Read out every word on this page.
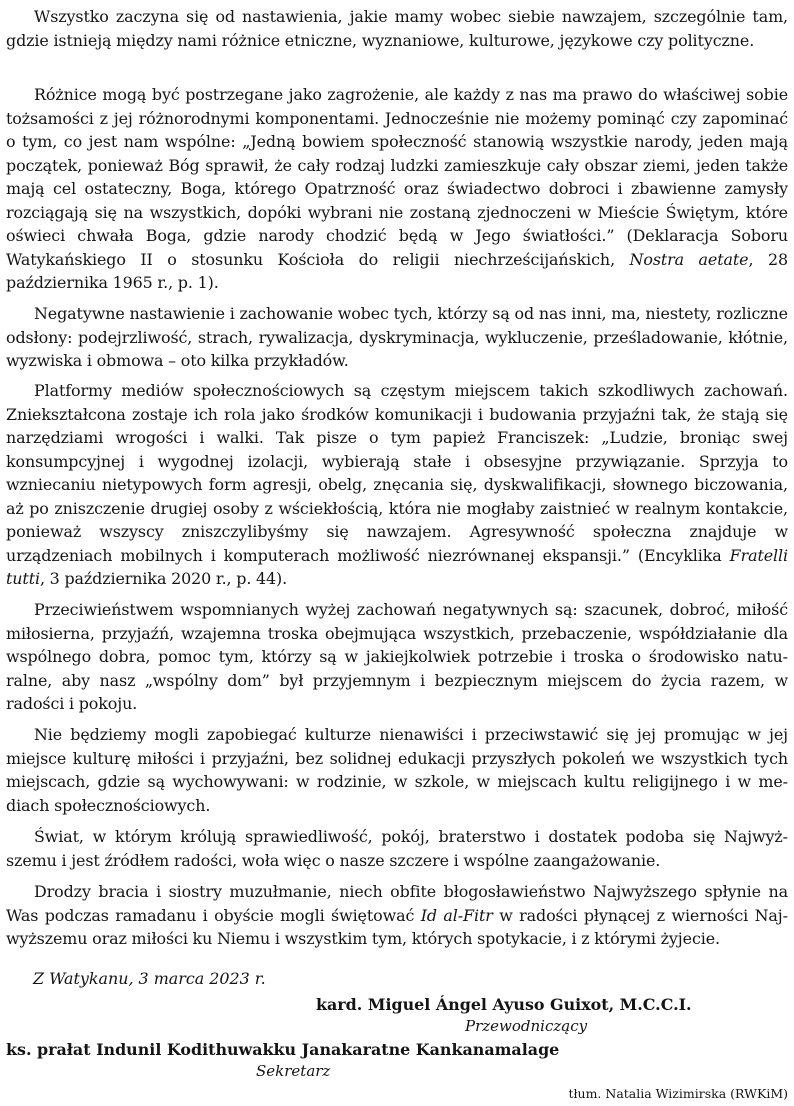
Wszystko zaczyna się od nastawienia, jakie mamy wobec siebie nawzajem, szczególnie tam, gdzie istnieją między nami różnice etniczne, wyznaniowe, kulturowe, językowe czy polityczne.

Różnice mogą być postrzegane jako zagrożenie, ale każdy z nas ma prawo do właściwej sobie tożsamości z jej różnorodnymi komponentami. Jednocześnie nie możemy pominąć czy zapominać o tym, co jest nam wspólne: „Jedną bowiem społeczność stanowią wszystkie narody, jeden mają początek, ponieważ Bóg sprawił, że cały rodzaj ludzki zamieszkuje cały obszar ziemi, jeden także mają cel ostateczny, Boga, którego Opatrzność oraz świadectwo dobroci i zbawienne zamysły rozciągają się na wszystkich, dopóki wybrani nie zostaną zjednoczeni w Mieście Świętym, które oświeci chwała Boga, gdzie narody chodzić będą w Jego światłości.” (Deklaracja Soboru Watykańskiego II o stosunku Kościoła do religii niechrześcijańskich, Nostra aetate, 28 października 1965 r., p. 1).

Negatywne nastawienie i zachowanie wobec tych, którzy są od nas inni, ma, niestety, rozliczne odsłony: podejrzliwość, strach, rywalizacja, dyskryminacja, wykluczenie, prześladowanie, kłótnie, wyzwiska i obmowa – oto kilka przykładów.

Platformy mediów społecznościowych są częstym miejscem takich szkodliwych zachowań. Zniekształcona zostaje ich rola jako środków komunikacji i budowania przyjaźni tak, że stają się narzędziami wrogości i walki. Tak pisze o tym papież Franciszek: „Ludzie, broniąc swej konsumpcyjnej i wygodnej izolacji, wybierają stałe i obsesyjne przywiązanie. Sprzyja to wzniecaniu nietypowych form agresji, obelg, znęcania się, dyskwalifikacji, słownego biczowania, aż po zniszczenie drugiej osoby z wściekłością, która nie mogłaby zaistnieć w realnym kontakcie, ponieważ wszyscy zniszczylibyśmy się nawzajem. Agresywność społeczna znajduje w urządzeniach mobilnych i komputerach możliwość niezrównanej ekspansji.” (Encyklika Fratelli tutti, 3 października 2020 r., p. 44).

Przeciwieństwem wspomnianych wyżej zachowań negatywnych są: szacunek, dobroć, miłość miłosierna, przyjaźń, wzajemna troska obejmująca wszystkich, przebaczenie, współdziałanie dla wspólnego dobra, pomoc tym, którzy są w jakiejkolwiek potrzebie i troska o środowisko naturalne, aby nasz „wspólny dom” był przyjemnym i bezpiecznym miejscem do życia razem, w radości i pokoju.

Nie będziemy mogli zapobiegać kulturze nienawiści i przeciwstawić się jej promując w jej miejsce kulturę miłości i przyjaźni, bez solidnej edukacji przyszłych pokoleń we wszystkich tych miejscach, gdzie są wychowywani: w rodzinie, w szkole, w miejscach kultu religijnego i w mediach społecznościowych.

Świat, w którym królują sprawiedliwość, pokój, braterstwo i dostatek podoba się Najwyższemu i jest źródłem radości, woła więc o nasze szczere i wspólne zaangażowanie.

Drodzy bracia i siostry muzułmanie, niech obfite błogosławieństwo Najwyższego spłynie na Was podczas ramadanu i obyście mogli świętować Id al-Fitr w radości płynącej z wierności Najwyższemu oraz miłości ku Niemu i wszystkim tym, których spotykacie, i z którymi żyjecie.

Z Watykanu, 3 marca 2023 r.
kard. Miguel Ángel Ayuso Guixot, M.C.C.I.
Przewodniczący
ks. prałat Indunil Kodithuwakku Janakaratne Kankanamalage
Sekretarz
tłum. Natalia Wizimirska (RWKiM)
